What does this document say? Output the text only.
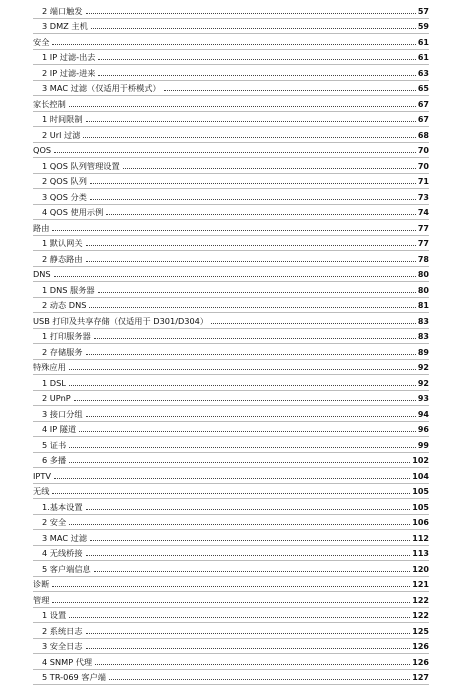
2 端口触发	57
3 DMZ 主机	59
安全	61
1 IP 过滤-出去	61
2 IP 过滤-进来	63
3 MAC 过滤（仅适用于桥模式）	65
家长控制	67
1 时间限制	67
2 Url 过滤	68
QOS	70
1 QOS 队列管理设置	70
2 QOS 队列	71
3 QOS 分类	73
4 QOS 使用示例	74
路由	77
1 默认网关	77
2 静态路由	78
DNS	80
1 DNS 服务器	80
2 动态 DNS	81
USB 打印及共享存储（仅适用于 D301/D304）	83
1 打印服务器	83
2 存储服务	89
特殊应用	92
1 DSL	92
2 UPnP	93
3 接口分组	94
4 IP 隧道	96
5 证书	99
6 多播	102
IPTV	104
无线	105
1.基本设置	105
2 安全	106
3 MAC 过滤	112
4 无线桥接	113
5 客户端信息	120
诊断	121
管理	122
1 设置	122
2 系统日志	125
3 安全日志	126
4 SNMP 代理	126
5 TR-069 客户端	127
